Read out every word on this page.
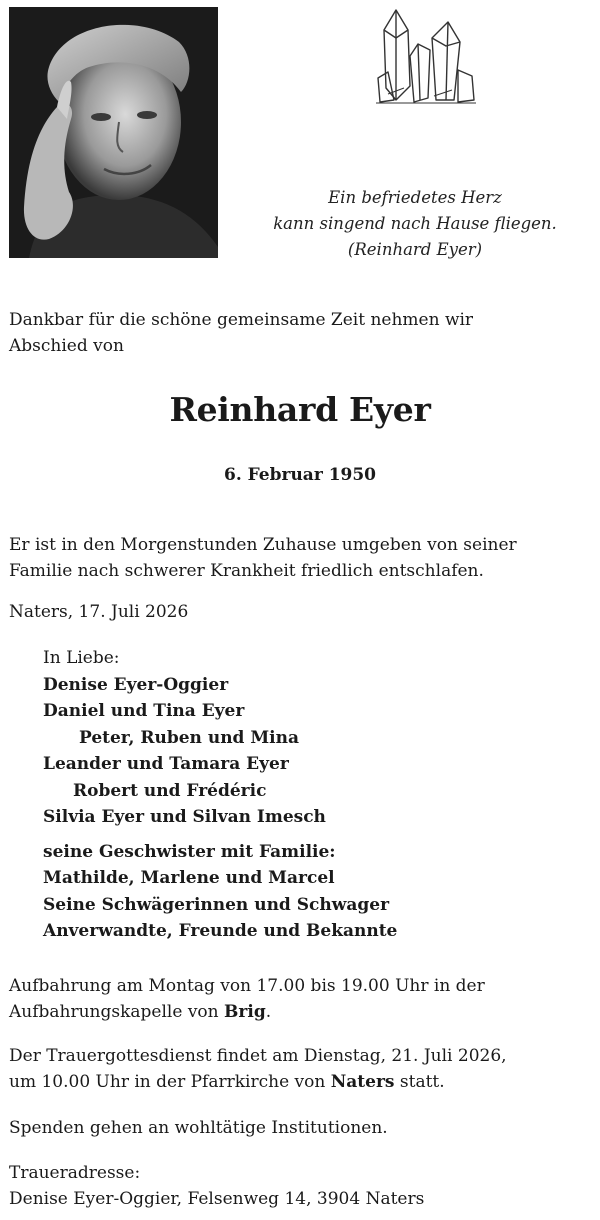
Ein befriedetes Herz
kann singend nach Hause fliegen.
(Reinhard Eyer)
Dankbar für die schöne gemeinsame Zeit nehmen wir
Abschied von
Reinhard Eyer
6. Februar 1950
Er ist in den Morgenstunden Zuhause umgeben von seiner
Familie nach schwerer Krankheit friedlich entschlafen.
Naters, 17. Juli 2026
In Liebe:
Denise Eyer-Oggier
Daniel und Tina Eyer
Peter, Ruben und Mina
Leander und Tamara Eyer
Robert und Frédéric
Silvia Eyer und Silvan Imesch
seine Geschwister mit Familie:
Mathilde, Marlene und Marcel
Seine Schwägerinnen und Schwager
Anverwandte, Freunde und Bekannte
Aufbahrung am Montag von 17.00 bis 19.00 Uhr in der
Aufbahrungskapelle von Brig.
Der Trauergottesdienst findet am Dienstag, 21. Juli 2026,
um 10.00 Uhr in der Pfarrkirche von Naters statt.
Spenden gehen an wohltätige Institutionen.
Traueradresse:
Denise Eyer-Oggier, Felsenweg 14, 3904 Naters
